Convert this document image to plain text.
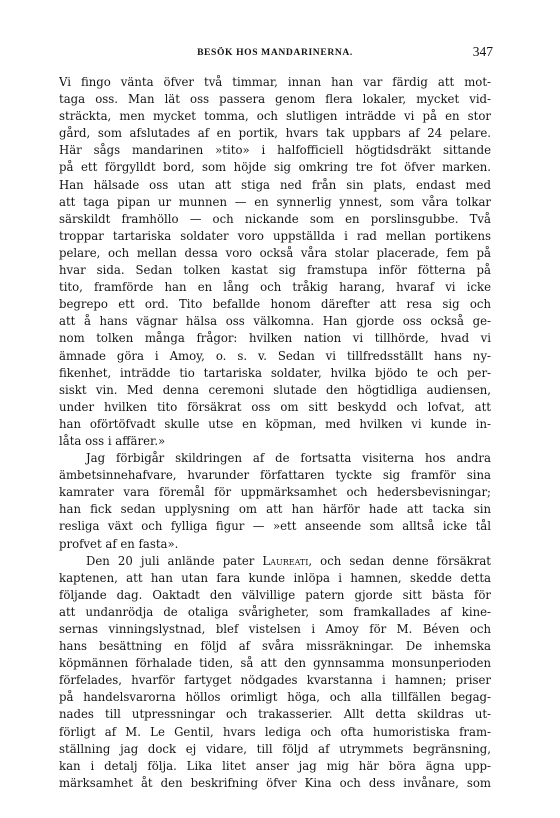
BESÖK HOS MANDARINERNA.	347
Vi fingo vänta öfver två timmar, innan han var färdig att mot-
taga oss. Man lät oss passera genom flera lokaler, mycket vid-
sträckta, men mycket tomma, och slutligen inträdde vi på en stor
gård, som afslutades af en portik, hvars tak uppbars af 24 pelare.
Här sågs mandarinen »tito» i halfofficiell högtidsdräkt sittande
på ett förgylldt bord, som höjde sig omkring tre fot öfver marken.
Han hälsade oss utan att stiga ned från sin plats, endast med
att taga pipan ur munnen — en synnerlig ynnest, som våra tolkar
särskildt framhöllo — och nickande som en porslinsgubbe. Två
troppar tartariska soldater voro uppställda i rad mellan portikens
pelare, och mellan dessa voro också våra stolar placerade, fem på
hvar sida. Sedan tolken kastat sig framstupa inför fötterna på
tito, framförde han en lång och tråkig harang, hvaraf vi icke
begrepo ett ord. Tito befallde honom därefter att resa sig och
att å hans vägnar hälsa oss välkomna. Han gjorde oss också ge-
nom tolken många frågor: hvilken nation vi tillhörde, hvad vi
ämnade göra i Amoy, o. s. v. Sedan vi tillfredsställt hans ny-
fikenhet, inträdde tio tartariska soldater, hvilka bjödo te och per-
siskt vin. Med denna ceremoni slutade den högtidliga audiensen,
under hvilken tito försäkrat oss om sitt beskydd och lofvat, att
han oförtöfvadt skulle utse en köpman, med hvilken vi kunde in-
låta oss i affärer.»
Jag förbigår skildringen af de fortsatta visiterna hos andra
ämbetsinnehafvare, hvarunder författaren tyckte sig framför sina
kamrater vara föremål för uppmärksamhet och hedersbevisningar;
han fick sedan upplysning om att han härför hade att tacka sin
resliga växt och fylliga figur — »ett anseende som alltså icke tål
profvet af en fasta».
Den 20 juli anlände pater Laureati, och sedan denne försäkrat
kaptenen, att han utan fara kunde inlöpa i hamnen, skedde detta
följande dag. Oaktadt den välvillige patern gjorde sitt bästa för
att undanrödja de otaliga svårigheter, som framkallades af kine-
sernas vinningslystnad, blef vistelsen i Amoy för M. Béven och
hans besättning en följd af svåra missräkningar. De inhemska
köpmännen förhalade tiden, så att den gynnsamma monsunperioden
förfelades, hvarför fartyget nödgades kvarstanna i hamnen; priser
på handelsvarorna höllos orimligt höga, och alla tillfällen begag-
nades till utpressningar och trakasserier. Allt detta skildras ut-
förligt af M. Le Gentil, hvars lediga och ofta humoristiska fram-
ställning jag dock ej vidare, till följd af utrymmets begränsning,
kan i detalj följa. Lika litet anser jag mig här böra ägna upp-
märksamhet åt den beskrifning öfver Kina och dess invånare, som
